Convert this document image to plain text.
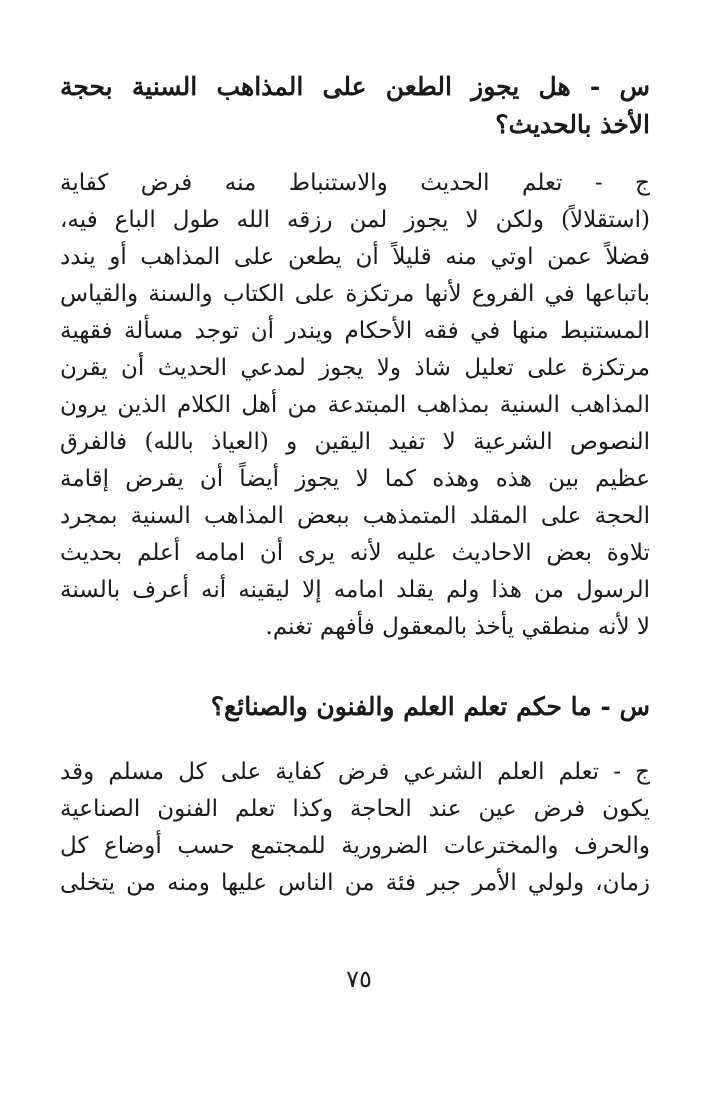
س - هل يجوز الطعن على المذاهب السنية بحجة
الأخذ بالحديث؟
ج - تعلم الحديث والاستنباط منه فرض كفاية
(استقلالاً) ولكن لا يجوز لمن رزقه الله طول الباع فيه،
فضلاً عمن اوتي منه قليلاً أن يطعن على المذاهب أو يندد
باتباعها في الفروع لأنها مرتكزة على الكتاب والسنة والقياس
المستنبط منها في فقه الأحكام ويندر أن توجد مسألة فقهية
مرتكزة على تعليل شاذ ولا يجوز لمدعي الحديث أن يقرن
المذاهب السنية بمذاهب المبتدعة من أهل الكلام الذين يرون
النصوص الشرعية لا تفيد اليقين و (العياذ بالله) فالفرق
عظيم بين هذه وهذه كما لا يجوز أيضاً أن يفرض إقامة
الحجة على المقلد المتمذهب ببعض المذاهب السنية بمجرد
تلاوة بعض الاحاديث عليه لأنه يرى أن امامه أعلم بحديث
الرسول من هذا ولم يقلد امامه إلا ليقينه أنه أعرف بالسنة
لا لأنه منطقي يأخذ بالمعقول فأفهم تغنم.
س - ما حكم تعلم العلم والفنون والصنائع؟
ج - تعلم العلم الشرعي فرض كفاية على كل مسلم وقد
يكون فرض عين عند الحاجة وكذا تعلم الفنون الصناعية
والحرف والمخترعات الضرورية للمجتمع حسب أوضاع كل
زمان، ولولي الأمر جبر فئة من الناس عليها ومنه من يتخلى
٧٥
